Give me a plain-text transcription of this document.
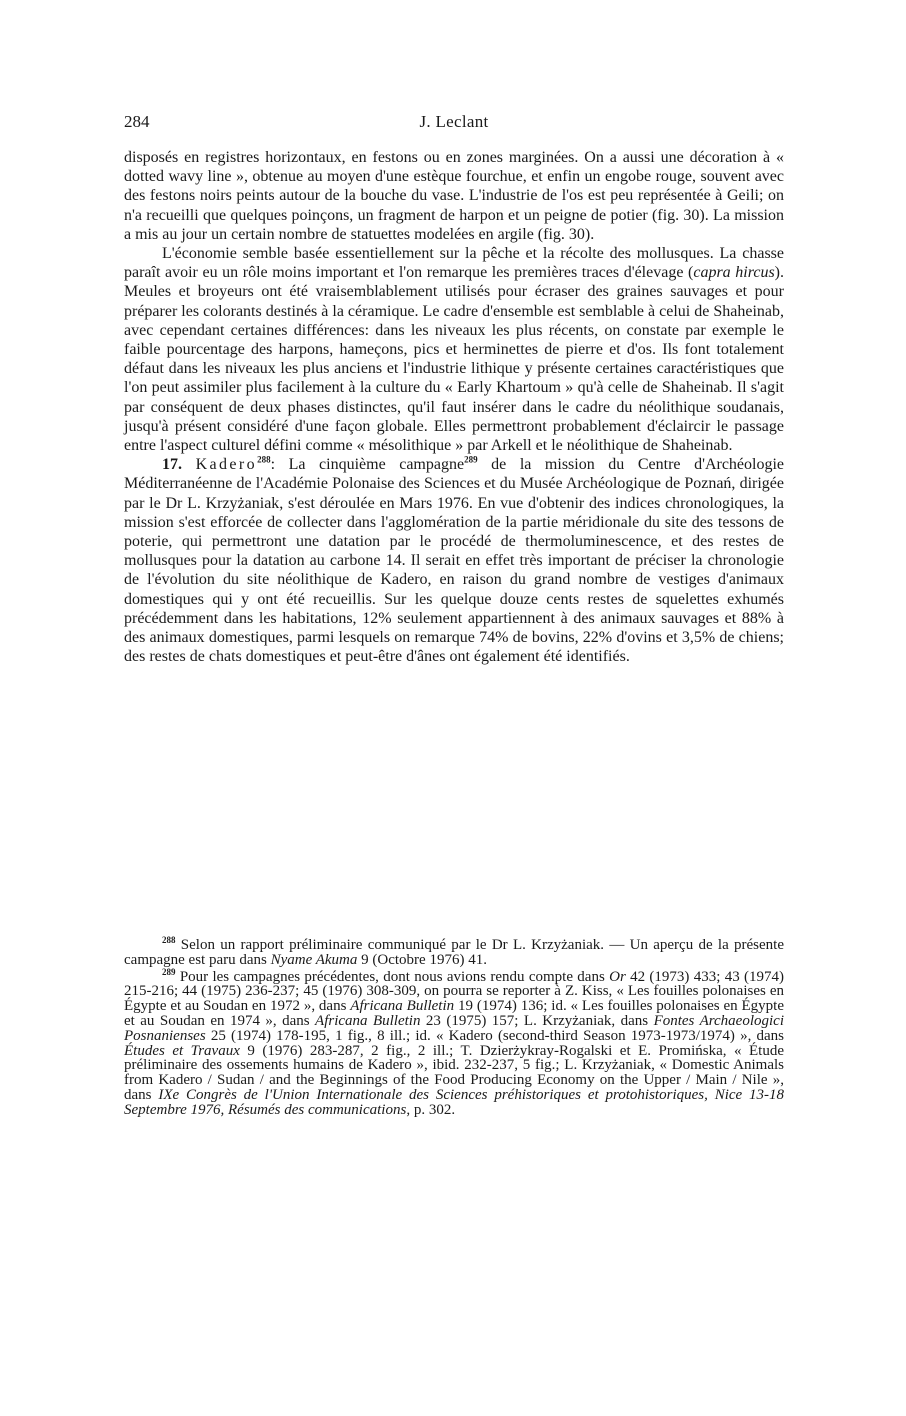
284	J. Leclant

disposés en registres horizontaux, en festons ou en zones marginées. On a aussi une décoration à « dotted wavy line », obtenue au moyen d'une estèque fourchue, et enfin un engobe rouge, souvent avec des festons noirs peints autour de la bouche du vase. L'industrie de l'os est peu représentée à Geili; on n'a recueilli que quelques poinçons, un fragment de harpon et un peigne de potier (fig. 30). La mission a mis au jour un certain nombre de statuettes modelées en argile (fig. 30).

L'économie semble basée essentiellement sur la pêche et la récolte des mollusques. La chasse paraît avoir eu un rôle moins important et l'on remarque les premières traces d'élevage (capra hircus). Meules et broyeurs ont été vraisemblablement utilisés pour écraser des graines sauvages et pour préparer les colorants destinés à la céramique. Le cadre d'ensemble est semblable à celui de Shaheinab, avec cependant certaines différences: dans les niveaux les plus récents, on constate par exemple le faible pourcentage des harpons, hameçons, pics et herminettes de pierre et d'os. Ils font totalement défaut dans les niveaux les plus anciens et l'industrie lithique y présente certaines caractéristiques que l'on peut assimiler plus facilement à la culture du « Early Khartoum » qu'à celle de Shaheinab. Il s'agit par conséquent de deux phases distinctes, qu'il faut insérer dans le cadre du néolithique soudanais, jusqu'à présent considéré d'une façon globale. Elles permettront probablement d'éclaircir le passage entre l'aspect culturel défini comme « mésolithique » par Arkell et le néolithique de Shaheinab.

17. Kadero$^{288}$: La cinquième campagne$^{289}$ de la mission du Centre d'Archéologie Méditerranéenne de l'Académie Polonaise des Sciences et du Musée Archéologique de Poznań, dirigée par le Dr L. Krzyżaniak, s'est déroulée en Mars 1976. En vue d'obtenir des indices chronologiques, la mission s'est efforcée de collecter dans l'agglomération de la partie méridionale du site des tessons de poterie, qui permettront une datation par le procédé de thermoluminescence, et des restes de mollusques pour la datation au carbone 14. Il serait en effet très important de préciser la chronologie de l'évolution du site néolithique de Kadero, en raison du grand nombre de vestiges d'animaux domestiques qui y ont été recueillis. Sur les quelque douze cents restes de squelettes exhumés précédemment dans les habitations, 12% seulement appartiennent à des animaux sauvages et 88% à des animaux domestiques, parmi lesquels on remarque 74% de bovins, 22% d'ovins et 3,5% de chiens; des restes de chats domestiques et peut-être d'ânes ont également été identifiés.

$^{288}$ Selon un rapport préliminaire communiqué par le Dr L. Krzyżaniak. — Un aperçu de la présente campagne est paru dans Nyame Akuma 9 (Octobre 1976) 41.

$^{289}$ Pour les campagnes précédentes, dont nous avions rendu compte dans Or 42 (1973) 433; 43 (1974) 215-216; 44 (1975) 236-237; 45 (1976) 308-309, on pourra se reporter à Z. Kiss, « Les fouilles polonaises en Égypte et au Soudan en 1972 », dans Africana Bulletin 19 (1974) 136; id. « Les fouilles polonaises en Égypte et au Soudan en 1974 », dans Africana Bulletin 23 (1975) 157; L. Krzyżaniak, dans Fontes Archaeologici Posnanienses 25 (1974) 178-195, 1 fig., 8 ill.; id. « Kadero (second-third Season 1973-1973/1974) », dans Études et Travaux 9 (1976) 283-287, 2 fig., 2 ill.; T. Dzierżykray-Rogalski et E. Promińska, « Étude préliminaire des ossements humains de Kadero », ibid. 232-237, 5 fig.; L. Krzyżaniak, « Domestic Animals from Kadero / Sudan / and the Beginnings of the Food Producing Economy on the Upper / Main / Nile », dans IXe Congrès de l'Union Internationale des Sciences préhistoriques et protohistoriques, Nice 13-18 Septembre 1976, Résumés des communications, p. 302.
